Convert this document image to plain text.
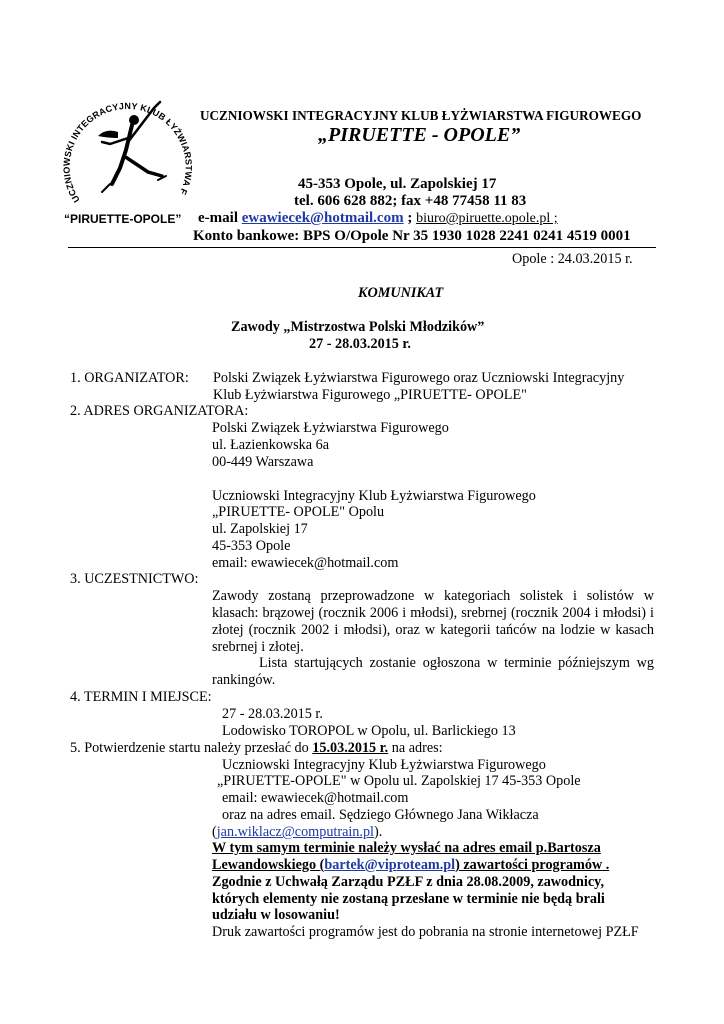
UCZNIOWSKI INTEGRACYJNY KLUB ŁYŻWIARSTWA F
“PIRUETTE-OPOLE”
UCZNIOWSKI INTEGRACYJNY KLUB ŁYŻWIARSTWA FIGUROWEGO
„PIRUETTE - OPOLE”
45-353 Opole, ul. Zapolskiej 17
tel. 606 628 882; fax +48 77458 11 83
e-mail ewawiecek@hotmail.com ; biuro@piruette.opole.pl ;
Konto bankowe: BPS O/Opole Nr 35 1930 1028 2241 0241 4519 0001
Opole : 24.03.2015 r.
KOMUNIKAT
Zawody „Mistrzostwa Polski Młodzików”
27 - 28.03.2015 r.
1. ORGANIZATOR: Polski Związek Łyżwiarstwa Figurowego oraz Uczniowski Integracyjny
Klub Łyżwiarstwa Figurowego „PIRUETTE- OPOLE"
2. ADRES ORGANIZATORA:
Polski Związek Łyżwiarstwa Figurowego
ul. Łazienkowska 6a
00-449 Warszawa
Uczniowski Integracyjny Klub Łyżwiarstwa Figurowego
„PIRUETTE- OPOLE" Opolu
ul. Zapolskiej 17
45-353 Opole
email: ewawiecek@hotmail.com
3. UCZESTNICTWO:
Zawody zostaną przeprowadzone w kategoriach solistek i solistów w klasach: brązowej (rocznik 2006 i młodsi), srebrnej (rocznik 2004 i młodsi) i złotej (rocznik 2002 i młodsi), oraz w kategorii tańców na lodzie w kasach srebrnej i złotej.
Lista startujących zostanie ogłoszona w terminie późniejszym wg rankingów.
4. TERMIN I MIEJSCE:
27 - 28.03.2015 r.
Lodowisko TOROPOL w Opolu, ul. Barlickiego 13
5. Potwierdzenie startu należy przesłać do 15.03.2015 r. na adres:
Uczniowski Integracyjny Klub Łyżwiarstwa Figurowego
„PIRUETTE-OPOLE" w Opolu ul. Zapolskiej 17 45-353 Opole
email: ewawiecek@hotmail.com
oraz na adres email. Sędziego Głównego Jana Wikłacza
(jan.wiklacz@computrain.pl).
W tym samym terminie należy wysłać na adres email p.Bartosza
Lewandowskiego (bartek@viproteam.pl) zawartości programów .
Zgodnie z Uchwałą Zarządu PZŁF z dnia 28.08.2009, zawodnicy,
których elementy nie zostaną przesłane w terminie nie będą brali
udziału w losowaniu!
Druk zawartości programów jest do pobrania na stronie internetowej PZŁF
